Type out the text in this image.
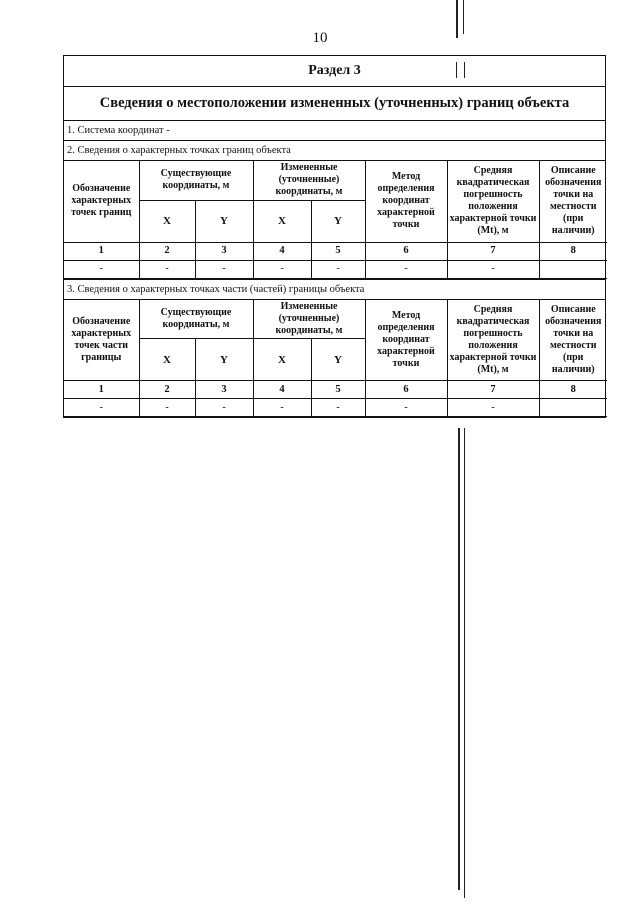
10
Раздел 3
Сведения о местоположении измененных (уточненных) границ объекта
1. Система координат -
2. Сведения о характерных точках границ объекта
Обозначение характерных точек границ	Существующие координаты, м		Измененные (уточненные) координаты, м		Метод определения координат характерной точки	Средняя квадратическая погрешность положения характерной точки (Mt), м	Описание обозначения точки на местности (при наличии)
	X	Y	X	Y			
1	2	3	4	5	6	7	8
-	-	-	-	-	-	-	
3. Сведения о характерных точках части (частей) границы объекта
Обозначение характерных точек части границы	Существующие координаты, м		Измененные (уточненные) координаты, м		Метод определения координат характерной точки	Средняя квадратическая погрешность положения характерной точки (Mt), м	Описание обозначения точки на местности (при наличии)
	X	Y	X	Y			
1	2	3	4	5	6	7	8
-	-	-	-	-	-	-	
